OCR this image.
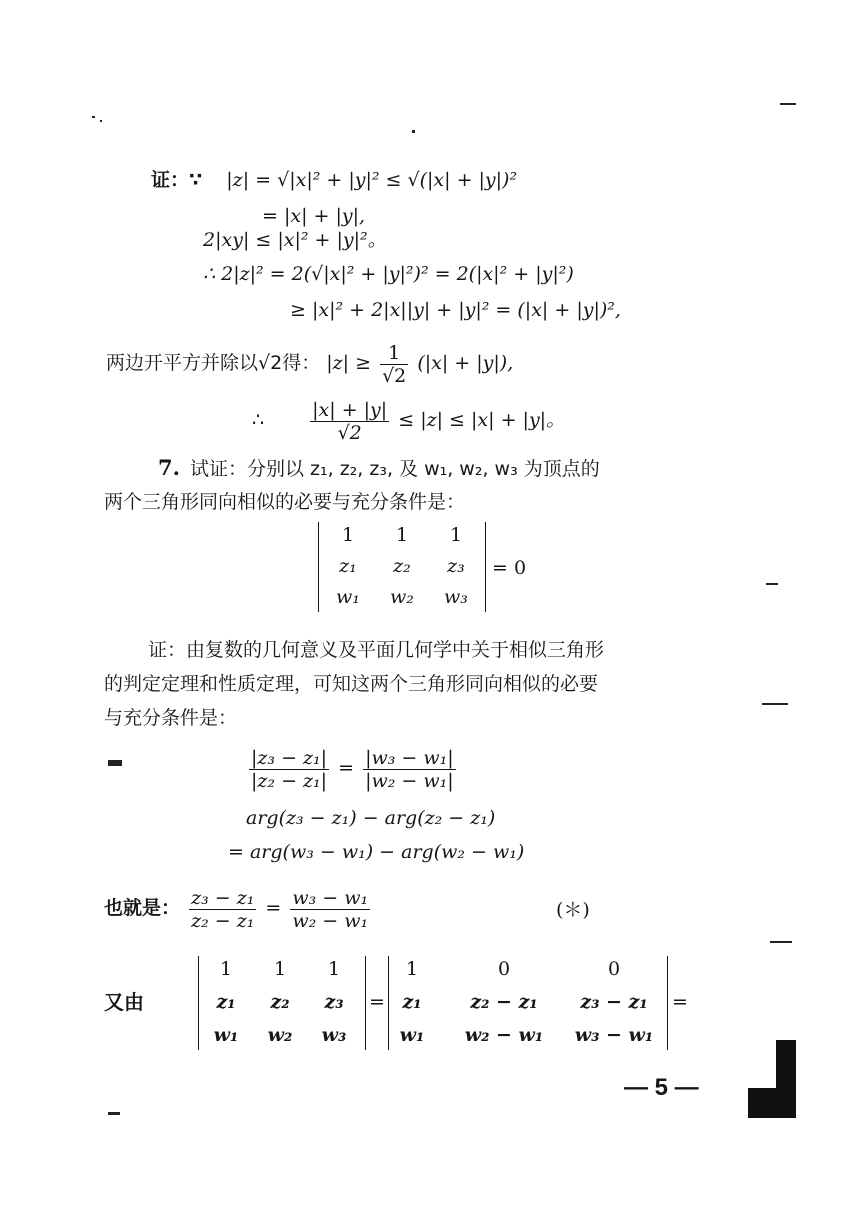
证：∵ |z| = √|x|² + |y|² ≤ √(|x| + |y|)²
= |x| + |y|,
2|xy| ≤ |x|² + |y|²。
∴ 2|z|² = 2(√|x|² + |y|²)² = 2(|x|² + |y|²)
≥ |x|² + 2|x||y| + |y|² = (|x| + |y|)²,
两边开平方并除以√2得： $|z| \ge \frac{1}{√2} (|x| + |y|)$,
∴ $\frac{|x| + |y|}{√2} \le |z| \le |x| + |y|$。
7. 试证：分别以 z₁, z₂, z₃, 及 w₁, w₂, w₃ 为顶点的
两个三角形同向相似的必要与充分条件是：
1	1	1
z₁	z₂	z₃
w₁	w₂	w₃
= 0
证：由复数的几何意义及平面几何学中关于相似三角形
的判定定理和性质定理，可知这两个三角形同向相似的必要
与充分条件是：
$\frac{\text{|z₃ − z₁|}}{\text{|z₂ − z₁|}} = \frac{\text{|w₃ − w₁|}}{\text{|w₂ − w₁|}}$
arg(z₃ − z₁) − arg(z₂ − z₁)
= arg(w₃ − w₁) − arg(w₂ − w₁)
也就是： $\frac{\text{z₃ − z₁}}{\text{z₂ − z₁}} = \frac{\text{w₃ − w₁}}{\text{w₂ − w₁}}$	(＊)
又由
1	1	1
z₁	z₂	z₃
w₁	w₂	w₃
=
1	0	0
z₁	z₂ − z₁	z₃ − z₁
w₁	w₂ − w₁	w₃ − w₁
=
— 5 —
